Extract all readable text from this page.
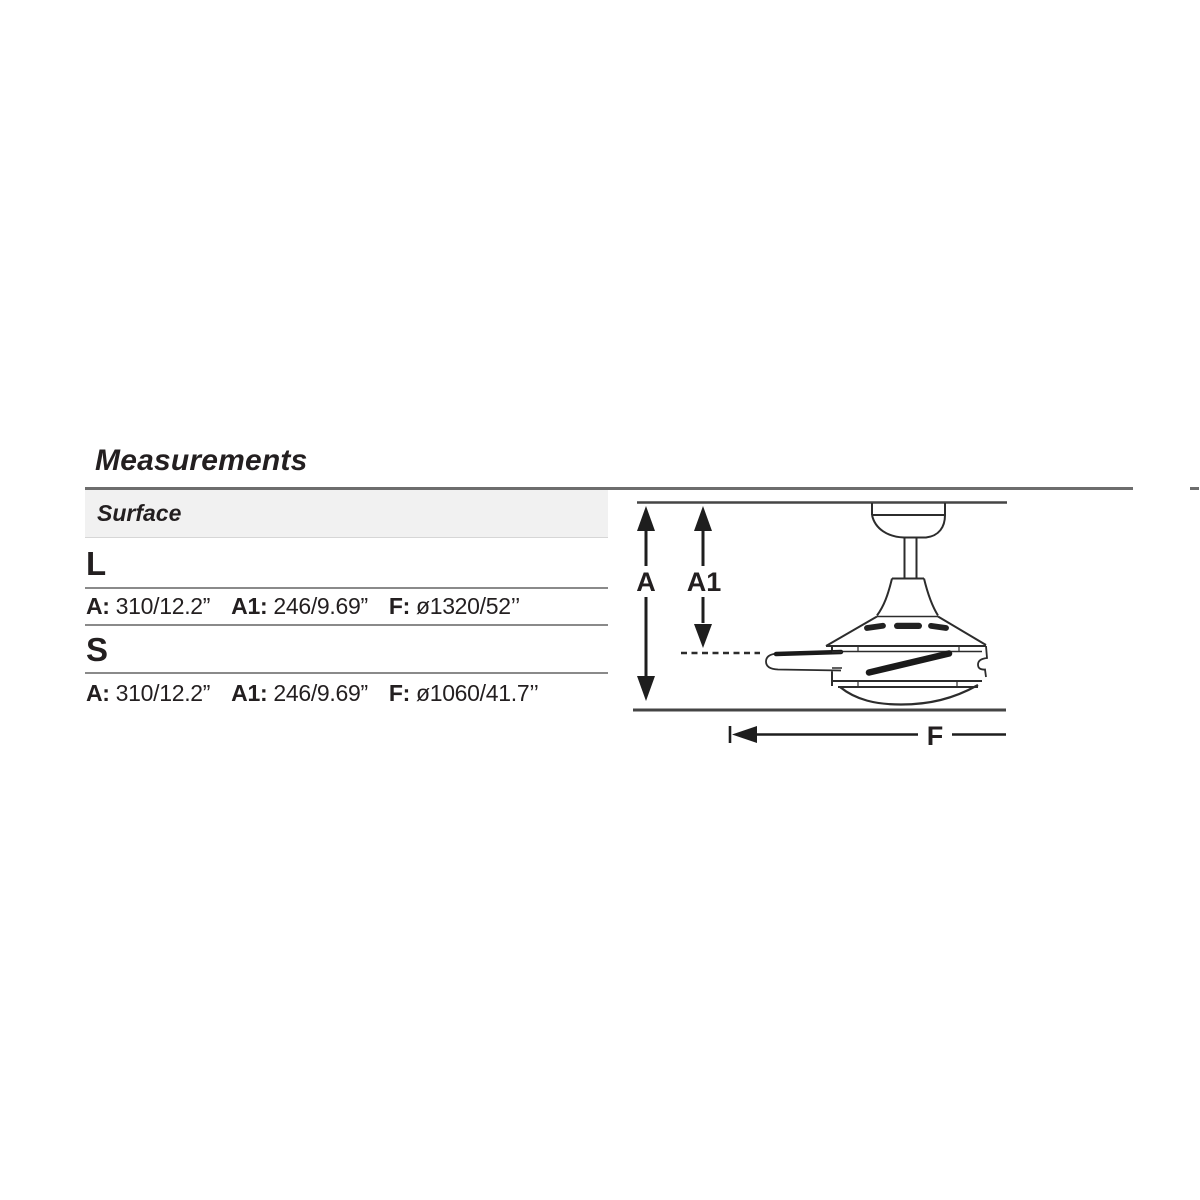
Measurements
Surface
L
A: 310/12.2” A1: 246/9.69” F: ø1320/52’’
S
A: 310/12.2” A1: 246/9.69” F: ø1060/41.7’’
A A1
F
